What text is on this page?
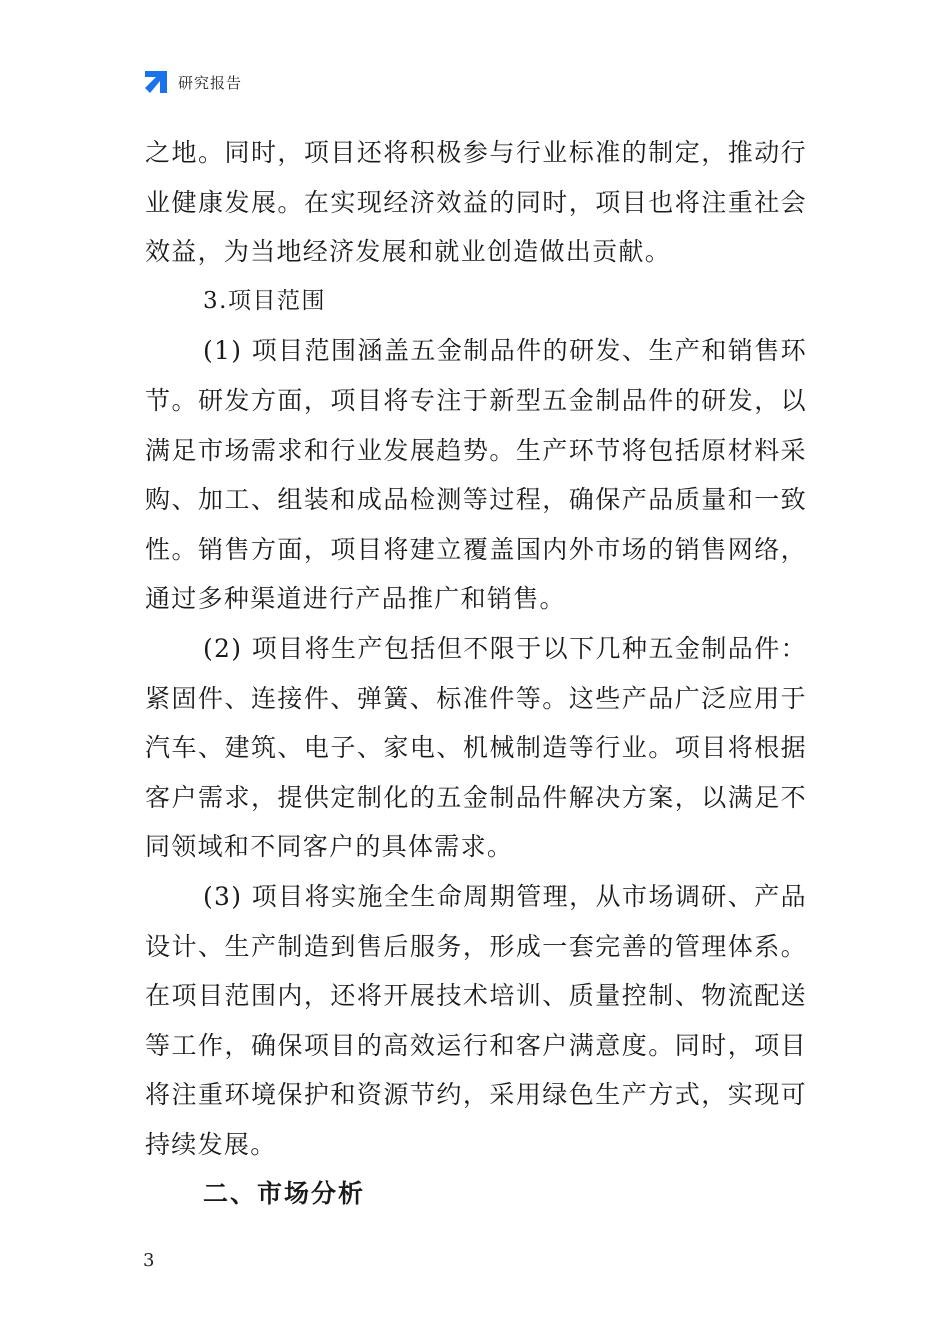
研究报告

之地。同时，项目还将积极参与行业标准的制定，推动行业健康发展。在实现经济效益的同时，项目也将注重社会效益，为当地经济发展和就业创造做出贡献。

3.项目范围

(1) 项目范围涵盖五金制品件的研发、生产和销售环节。研发方面，项目将专注于新型五金制品件的研发，以满足市场需求和行业发展趋势。生产环节将包括原材料采购、加工、组装和成品检测等过程，确保产品质量和一致性。销售方面，项目将建立覆盖国内外市场的销售网络，通过多种渠道进行产品推广和销售。

(2) 项目将生产包括但不限于以下几种五金制品件：紧固件、连接件、弹簧、标准件等。这些产品广泛应用于汽车、建筑、电子、家电、机械制造等行业。项目将根据客户需求，提供定制化的五金制品件解决方案，以满足不同领域和不同客户的具体需求。

(3) 项目将实施全生命周期管理，从市场调研、产品设计、生产制造到售后服务，形成一套完善的管理体系。在项目范围内，还将开展技术培训、质量控制、物流配送等工作，确保项目的高效运行和客户满意度。同时，项目将注重环境保护和资源节约，采用绿色生产方式，实现可持续发展。

二、市场分析

3
